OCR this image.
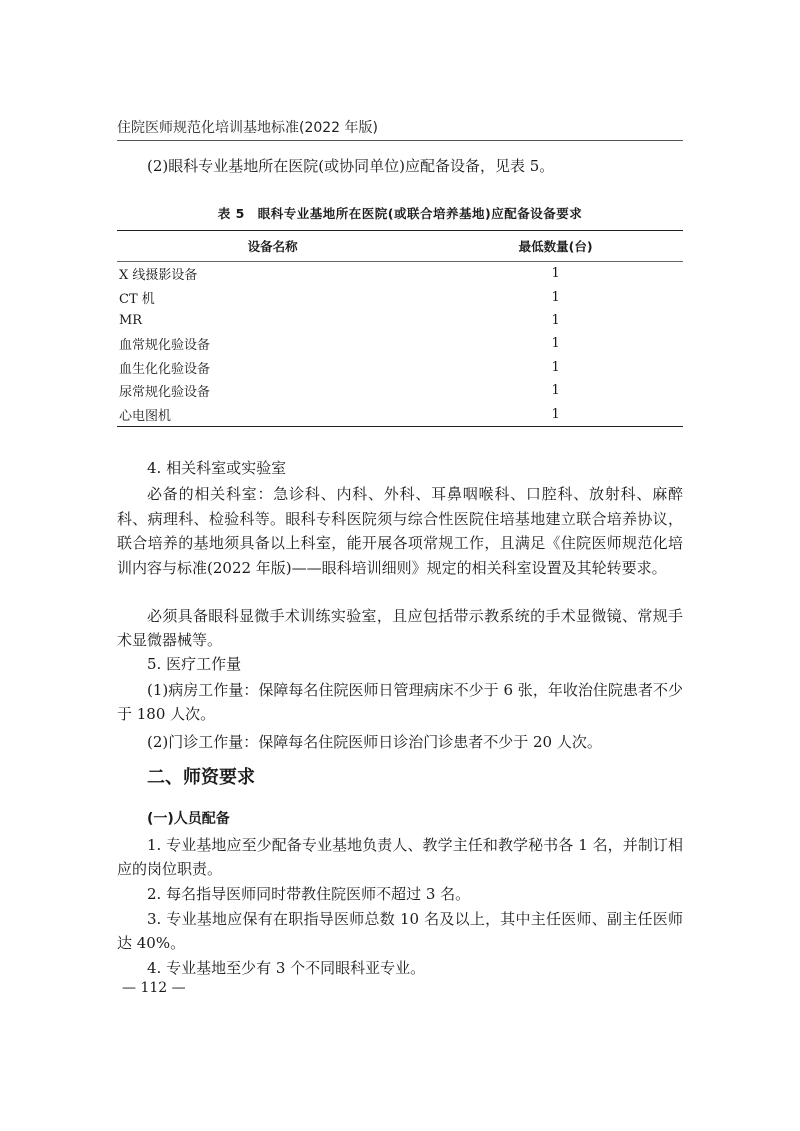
住院医师规范化培训基地标准(2022 年版)

(2)眼科专业基地所在医院(或协同单位)应配备设备，见表 5。

表 5　眼科专业基地所在医院(或联合培养基地)应配备设备要求
设备名称	最低数量(台)
X 线摄影设备	1
CT 机	1
MR	1
血常规化验设备	1
血生化化验设备	1
尿常规化验设备	1
心电图机	1

4. 相关科室或实验室

必备的相关科室：急诊科、内科、外科、耳鼻咽喉科、口腔科、放射科、麻醉科、病理科、检验科等。眼科专科医院须与综合性医院住培基地建立联合培养协议，联合培养的基地须具备以上科室，能开展各项常规工作，且满足《住院医师规范化培训内容与标准(2022 年版)——眼科培训细则》规定的相关科室设置及其轮转要求。

必须具备眼科显微手术训练实验室，且应包括带示教系统的手术显微镜、常规手术显微器械等。

5. 医疗工作量

(1)病房工作量：保障每名住院医师日管理病床不少于 6 张，年收治住院患者不少于 180 人次。

(2)门诊工作量：保障每名住院医师日诊治门诊患者不少于 20 人次。

二、师资要求
(一)人员配备

1. 专业基地应至少配备专业基地负责人、教学主任和教学秘书各 1 名，并制订相应的岗位职责。

2. 每名指导医师同时带教住院医师不超过 3 名。

3. 专业基地应保有在职指导医师总数 10 名及以上，其中主任医师、副主任医师达 40%。

4. 专业基地至少有 3 个不同眼科亚专业。

— 112 —
